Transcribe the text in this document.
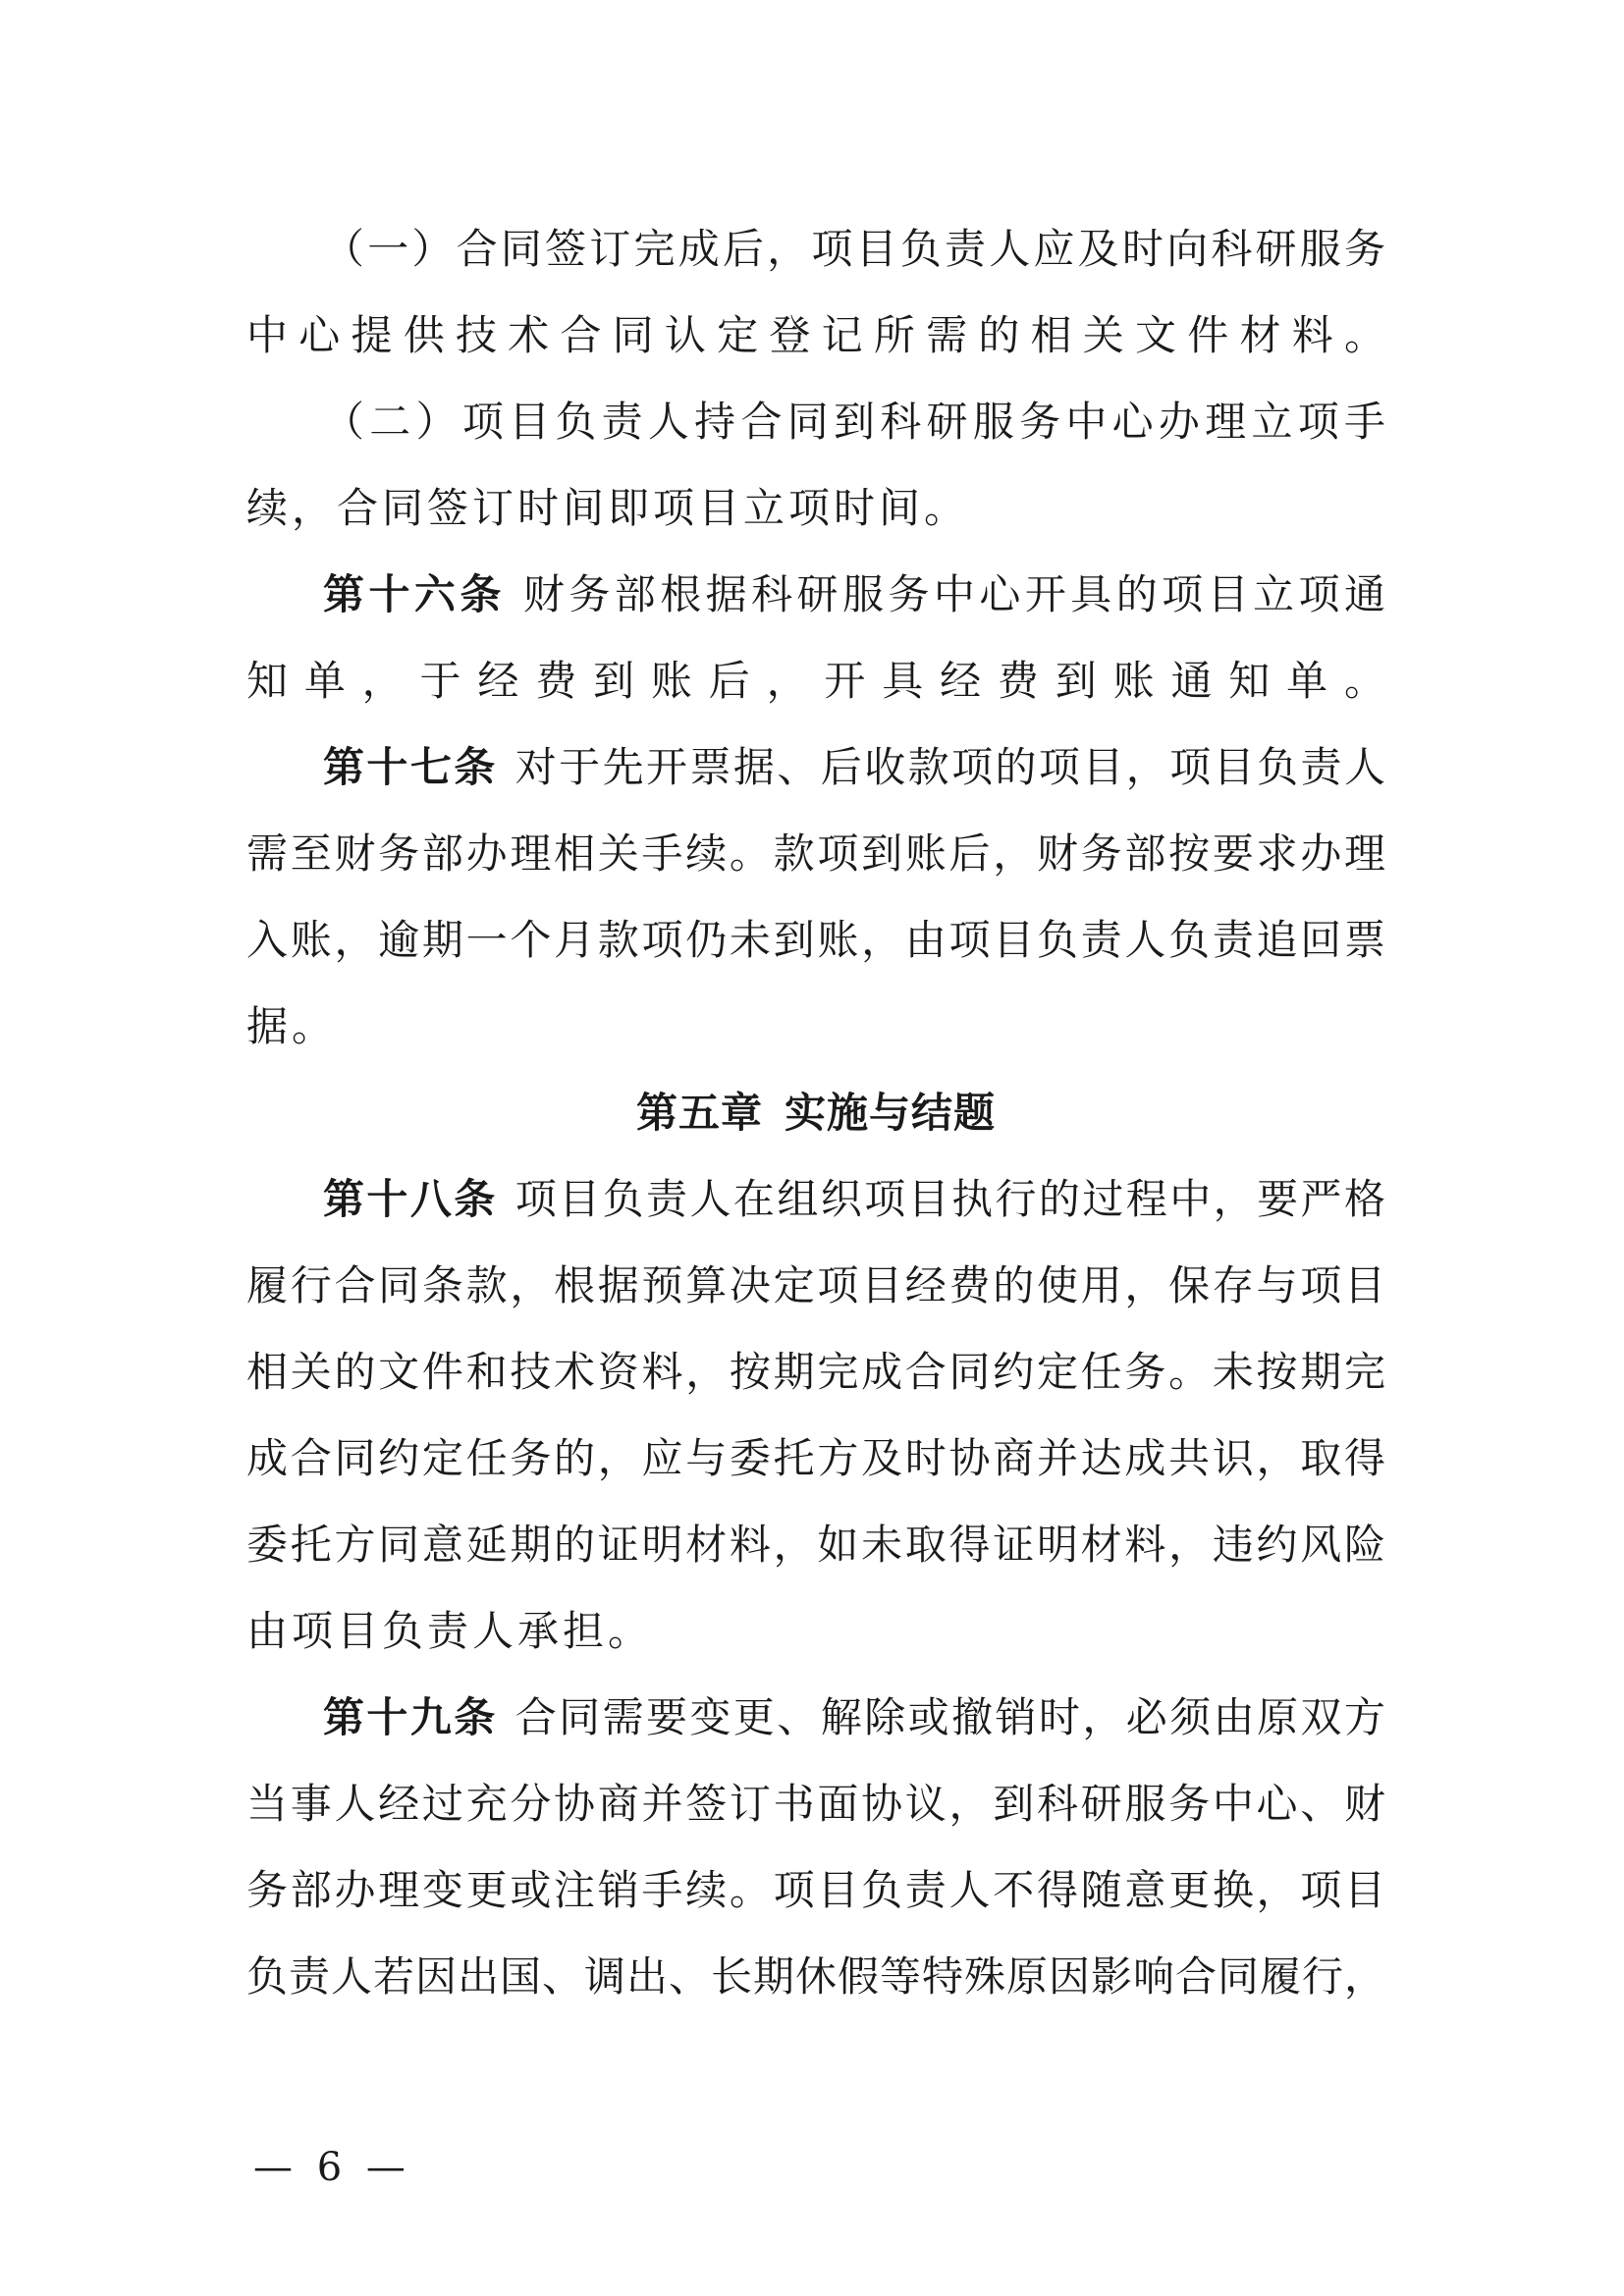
（一）合同签订完成后，项目负责人应及时向科研服务
中心提供技术合同认定登记所需的相关文件材料。
（二）项目负责人持合同到科研服务中心办理立项手
续，合同签订时间即项目立项时间。
第十六条 财务部根据科研服务中心开具的项目立项通
知单，于经费到账后，开具经费到账通知单。
第十七条 对于先开票据、后收款项的项目，项目负责人
需至财务部办理相关手续。款项到账后，财务部按要求办理
入账，逾期一个月款项仍未到账，由项目负责人负责追回票
据。
第五章 实施与结题
第十八条 项目负责人在组织项目执行的过程中，要严格
履行合同条款，根据预算决定项目经费的使用，保存与项目
相关的文件和技术资料，按期完成合同约定任务。未按期完
成合同约定任务的，应与委托方及时协商并达成共识，取得
委托方同意延期的证明材料，如未取得证明材料，违约风险
由项目负责人承担。
第十九条 合同需要变更、解除或撤销时，必须由原双方
当事人经过充分协商并签订书面协议，到科研服务中心、财
务部办理变更或注销手续。项目负责人不得随意更换，项目
负责人若因出国、调出、长期休假等特殊原因影响合同履行，
— 6 —
